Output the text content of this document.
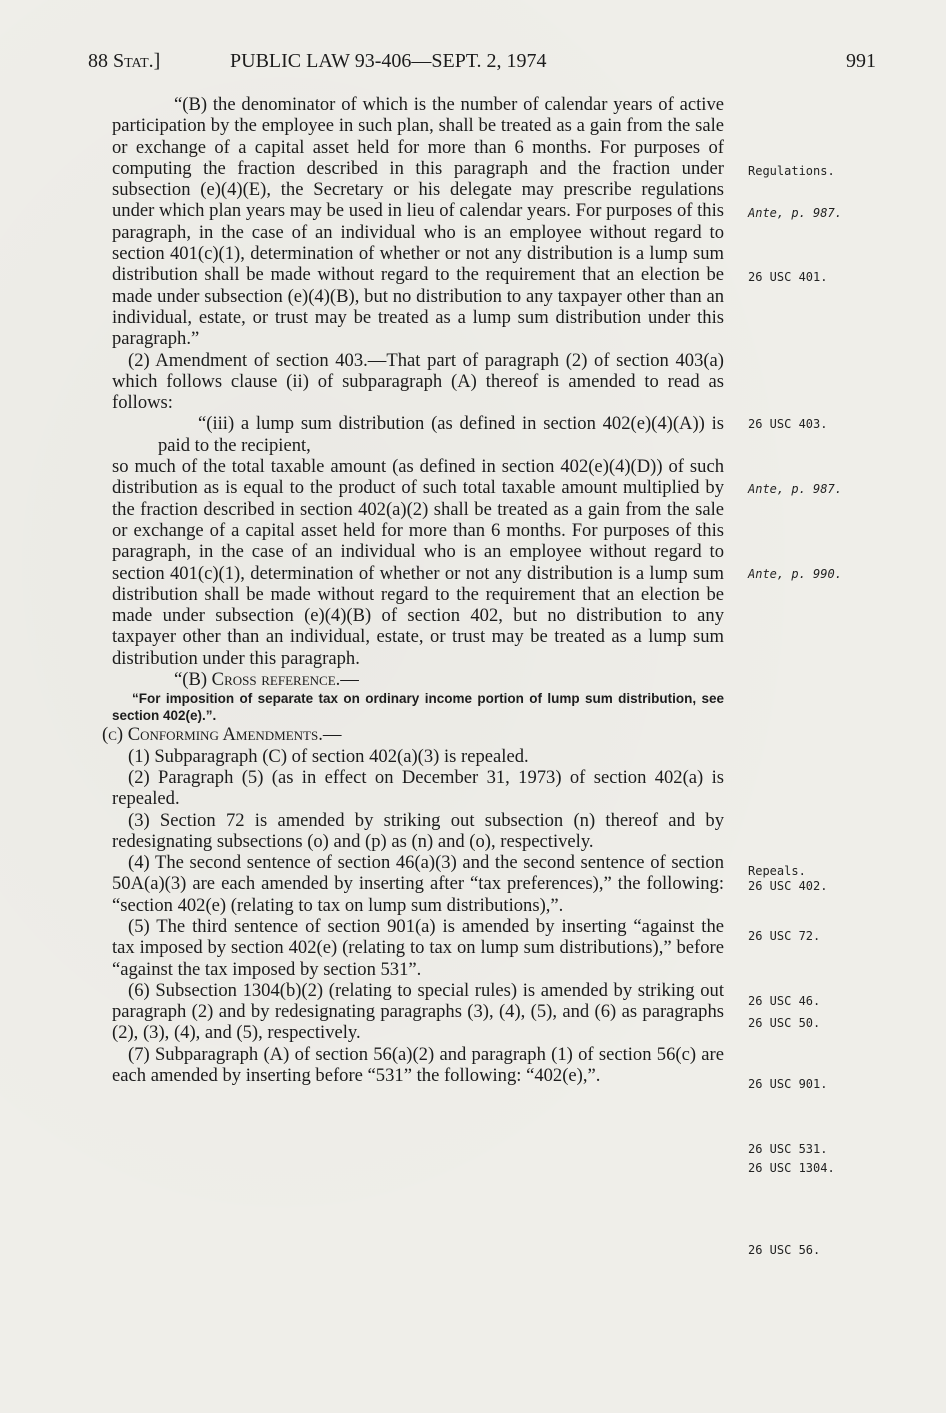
88 Stat.]	PUBLIC LAW 93-406—SEPT. 2, 1974	991

“(B) the denominator of which is the number of calendar years of active participation by the employee in such plan, shall be treated as a gain from the sale or exchange of a capital asset held for more than 6 months. For purposes of computing the fraction described in this paragraph and the fraction under subsection (e)(4)(E), the Secretary or his delegate may prescribe regulations under which plan years may be used in lieu of calendar years. For purposes of this paragraph, in the case of an individual who is an employee without regard to section 401(c)(1), determination of whether or not any distribution is a lump sum distribution shall be made without regard to the requirement that an election be made under subsection (e)(4)(B), but no distribution to any taxpayer other than an individual, estate, or trust may be treated as a lump sum distribution under this paragraph.”

(2) Amendment of section 403.—That part of paragraph (2) of section 403(a) which follows clause (ii) of subparagraph (A) thereof is amended to read as follows:

“(iii) a lump sum distribution (as defined in section 402(e)(4)(A)) is paid to the recipient,

so much of the total taxable amount (as defined in section 402(e)(4)(D)) of such distribution as is equal to the product of such total taxable amount multiplied by the fraction described in section 402(a)(2) shall be treated as a gain from the sale or exchange of a capital asset held for more than 6 months. For purposes of this paragraph, in the case of an individual who is an employee without regard to section 401(c)(1), determination of whether or not any distribution is a lump sum distribution shall be made without regard to the requirement that an election be made under subsection (e)(4)(B) of section 402, but no distribution to any taxpayer other than an individual, estate, or trust may be treated as a lump sum distribution under this paragraph.

“(B) Cross reference.—

“For imposition of separate tax on ordinary income portion of lump sum distribution, see section 402(e).”.

(c) Conforming Amendments.—

(1) Subparagraph (C) of section 402(a)(3) is repealed.

(2) Paragraph (5) (as in effect on December 31, 1973) of section 402(a) is repealed.

(3) Section 72 is amended by striking out subsection (n) thereof and by redesignating subsections (o) and (p) as (n) and (o), respectively.

(4) The second sentence of section 46(a)(3) and the second sentence of section 50A(a)(3) are each amended by inserting after “tax preferences),” the following: “section 402(e) (relating to tax on lump sum distributions),”.

(5) The third sentence of section 901(a) is amended by inserting “against the tax imposed by section 402(e) (relating to tax on lump sum distributions),” before “against the tax imposed by section 531”.

(6) Subsection 1304(b)(2) (relating to special rules) is amended by striking out paragraph (2) and by redesignating paragraphs (3), (4), (5), and (6) as paragraphs (2), (3), (4), and (5), respectively.

(7) Subparagraph (A) of section 56(a)(2) and paragraph (1) of section 56(c) are each amended by inserting before “531” the following: “402(e),”.

Regulations.
Ante, p. 987.
26 USC 401.
26 USC 403.
Ante, p. 987.
Ante, p. 990.
Repeals.
26 USC 402.
26 USC 72.
26 USC 46.
26 USC 50.
26 USC 901.
26 USC 531.
26 USC 1304.
26 USC 56.
